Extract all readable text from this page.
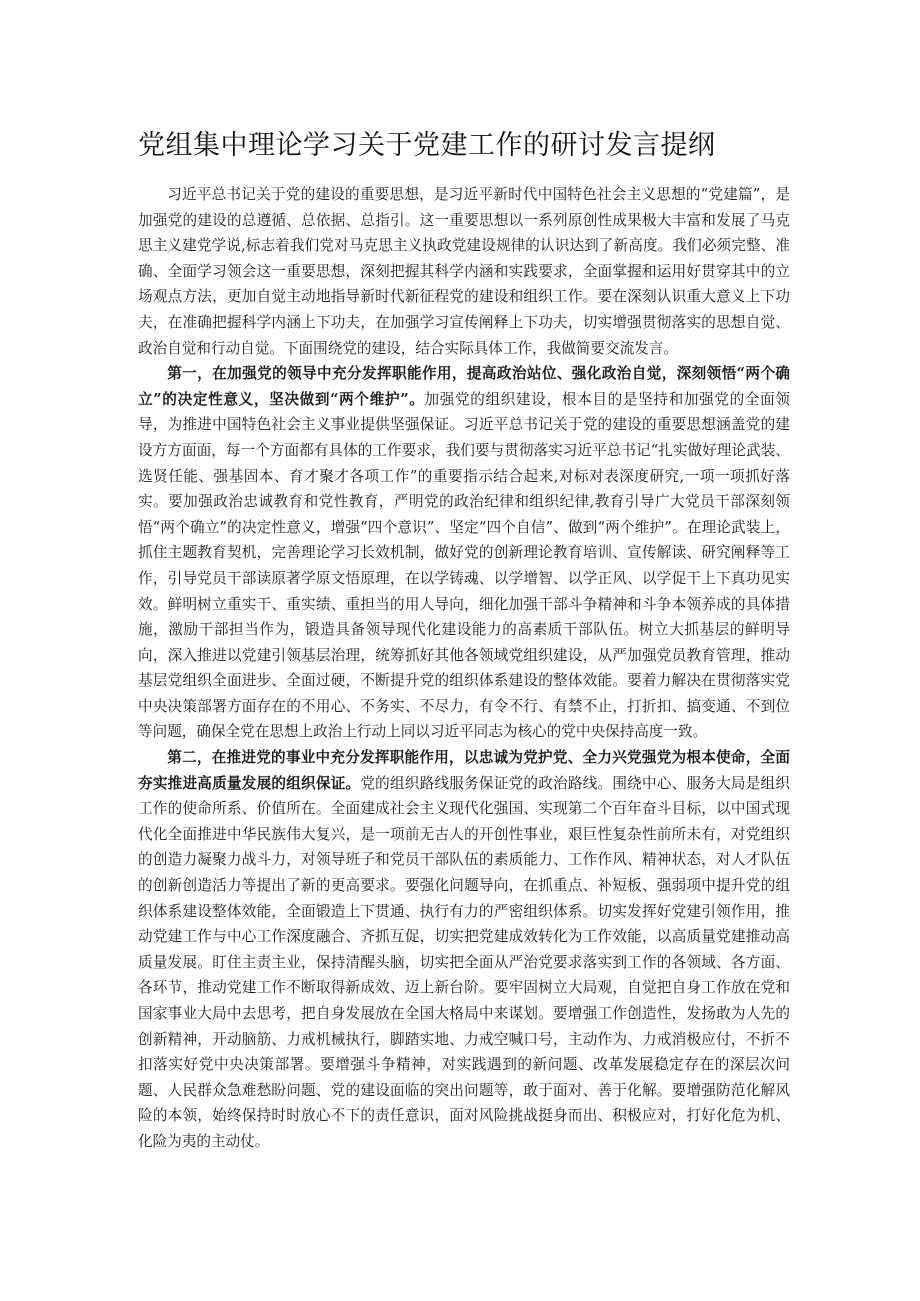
党组集中理论学习关于党建工作的研讨发言提纲

习近平总书记关于党的建设的重要思想，是习近平新时代中国特色社会主义思想的“党建篇”，是加强党的建设的总遵循、总依据、总指引。这一重要思想以一系列原创性成果极大丰富和发展了马克思主义建党学说,标志着我们党对马克思主义执政党建设规律的认识达到了新高度。我们必须完整、准确、全面学习领会这一重要思想，深刻把握其科学内涵和实践要求，全面掌握和运用好贯穿其中的立场观点方法，更加自觉主动地指导新时代新征程党的建设和组织工作。要在深刻认识重大意义上下功夫，在准确把握科学内涵上下功夫，在加强学习宣传阐释上下功夫，切实增强贯彻落实的思想自觉、政治自觉和行动自觉。下面围绕党的建设，结合实际具体工作，我做简要交流发言。

第一，在加强党的领导中充分发挥职能作用，提高政治站位、强化政治自觉，深刻领悟“两个确立”的决定性意义，坚决做到“两个维护”。加强党的组织建设，根本目的是坚持和加强党的全面领导，为推进中国特色社会主义事业提供坚强保证。习近平总书记关于党的建设的重要思想涵盖党的建设方方面面，每一个方面都有具体的工作要求，我们要与贯彻落实习近平总书记“扎实做好理论武装、选贤任能、强基固本、育才聚才各项工作”的重要指示结合起来,对标对表深度研究,一项一项抓好落实。要加强政治忠诚教育和党性教育，严明党的政治纪律和组织纪律,教育引导广大党员干部深刻领悟“两个确立”的决定性意义，增强“四个意识”、坚定“四个自信”、做到“两个维护”。在理论武装上，抓住主题教育契机，完善理论学习长效机制，做好党的创新理论教育培训、宣传解读、研究阐释等工作，引导党员干部读原著学原文悟原理，在以学铸魂、以学增智、以学正风、以学促干上下真功见实效。鲜明树立重实干、重实绩、重担当的用人导向，细化加强干部斗争精神和斗争本领养成的具体措施，激励干部担当作为，锻造具备领导现代化建设能力的高素质干部队伍。树立大抓基层的鲜明导向，深入推进以党建引领基层治理，统筹抓好其他各领域党组织建设，从严加强党员教育管理，推动基层党组织全面进步、全面过硬，不断提升党的组织体系建设的整体效能。要着力解决在贯彻落实党中央决策部署方面存在的不用心、不务实、不尽力，有令不行、有禁不止，打折扣、搞变通、不到位等问题，确保全党在思想上政治上行动上同以习近平同志为核心的党中央保持高度一致。

第二，在推进党的事业中充分发挥职能作用，以忠诚为党护党、全力兴党强党为根本使命，全面夯实推进高质量发展的组织保证。党的组织路线服务保证党的政治路线。围绕中心、服务大局是组织工作的使命所系、价值所在。全面建成社会主义现代化强国、实现第二个百年奋斗目标，以中国式现代化全面推进中华民族伟大复兴，是一项前无古人的开创性事业，艰巨性复杂性前所未有，对党组织的创造力凝聚力战斗力，对领导班子和党员干部队伍的素质能力、工作作风、精神状态，对人才队伍的创新创造活力等提出了新的更高要求。要强化问题导向，在抓重点、补短板、强弱项中提升党的组织体系建设整体效能，全面锻造上下贯通、执行有力的严密组织体系。切实发挥好党建引领作用，推动党建工作与中心工作深度融合、齐抓互促，切实把党建成效转化为工作效能，以高质量党建推动高质量发展。盯住主责主业，保持清醒头脑，切实把全面从严治党要求落实到工作的各领域、各方面、各环节，推动党建工作不断取得新成效、迈上新台阶。要牢固树立大局观，自觉把自身工作放在党和国家事业大局中去思考，把自身发展放在全国大格局中来谋划。要增强工作创造性，发扬敢为人先的创新精神，开动脑筋、力戒机械执行，脚踏实地、力戒空喊口号，主动作为、力戒消极应付，不折不扣落实好党中央决策部署。要增强斗争精神，对实践遇到的新问题、改革发展稳定存在的深层次问题、人民群众急难愁盼问题、党的建设面临的突出问题等，敢于面对、善于化解。要增强防范化解风险的本领，始终保持时时放心不下的责任意识，面对风险挑战挺身而出、积极应对，打好化危为机、化险为夷的主动仗。
